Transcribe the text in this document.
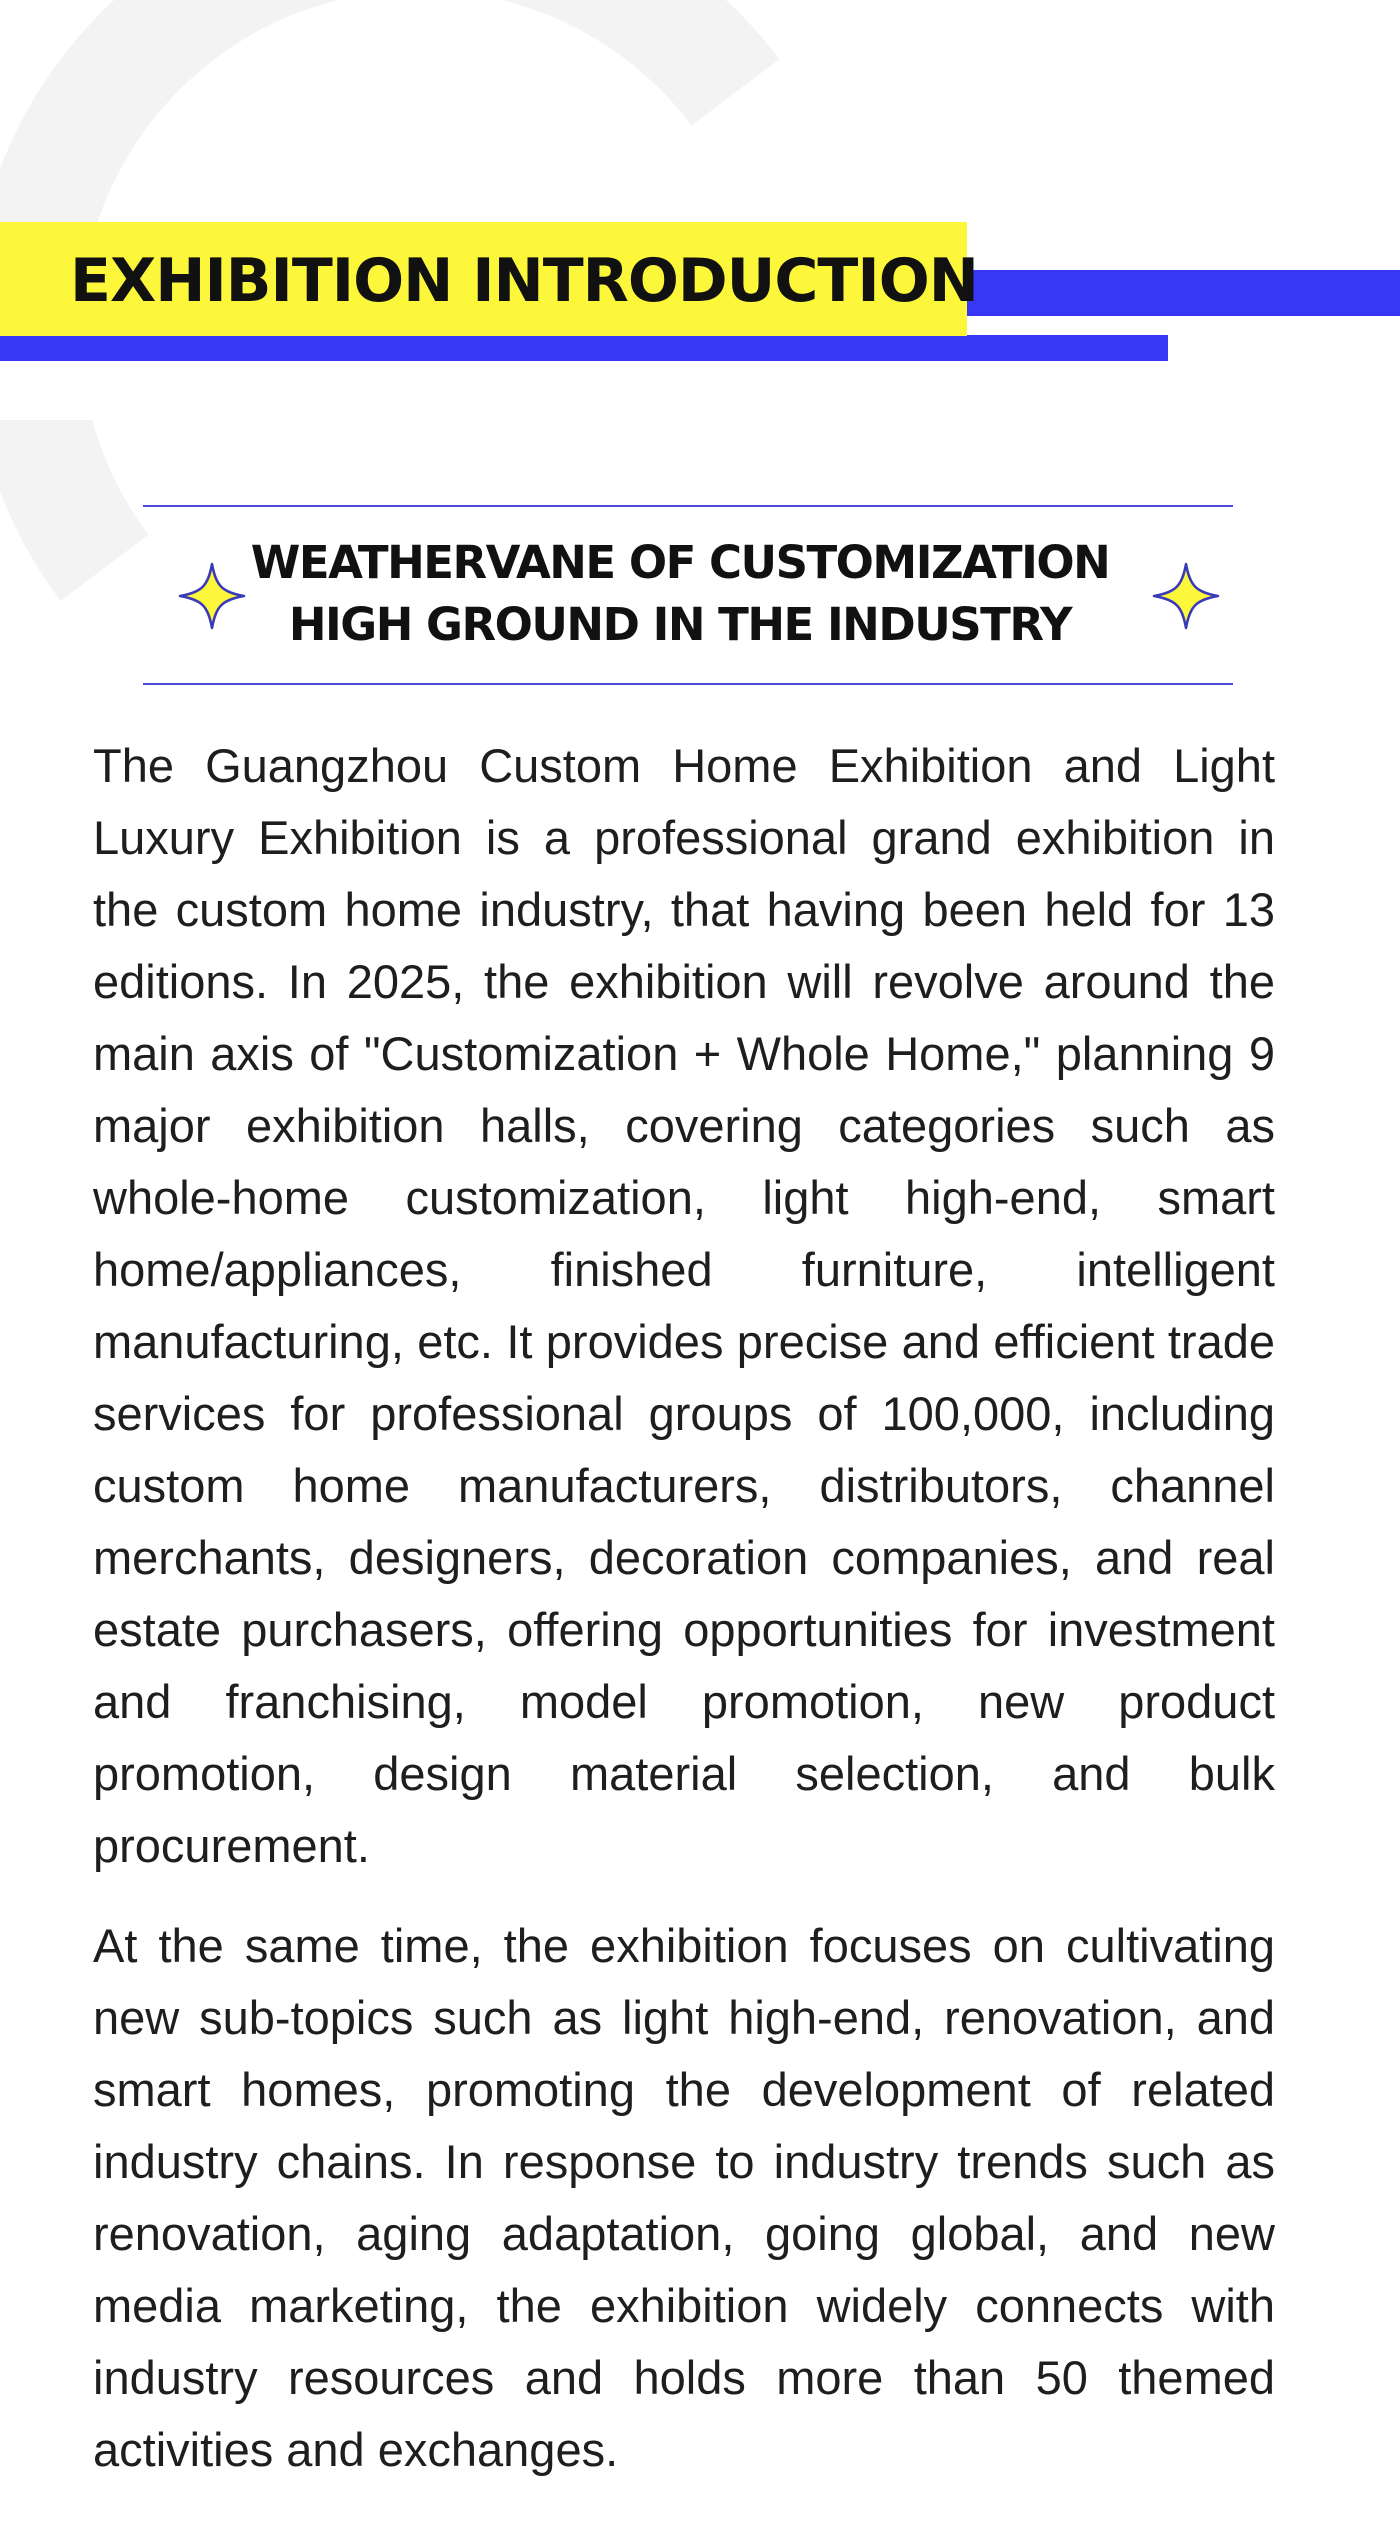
EXHIBITION INTRODUCTION
WEATHERVANE OF CUSTOMIZATION
HIGH GROUND IN THE INDUSTRY

The Guangzhou Custom Home Exhibition and Light Luxury Exhibition is a professional grand exhibition in the custom home industry, that having been held for 13 editions. In 2025, the exhibition will revolve around the main axis of "Customization + Whole Home," planning 9 major exhibition halls, covering categories such as whole-home customization, light high-end, smart home/appliances, finished furniture, intelligent manufacturing, etc. It provides precise and efficient trade services for professional groups of 100,000, including custom home manufacturers, distributors, channel merchants, designers, decoration companies, and real estate purchasers, offering opportunities for investment and franchising, model promotion, new product promotion, design material selection, and bulk procurement.

At the same time, the exhibition focuses on cultivating new sub-topics such as light high-end, renovation, and smart homes, promoting the development of related industry chains. In response to industry trends such as renovation, aging adaptation, going global, and new media marketing, the exhibition widely connects with industry resources and holds more than 50 themed activities and exchanges.
